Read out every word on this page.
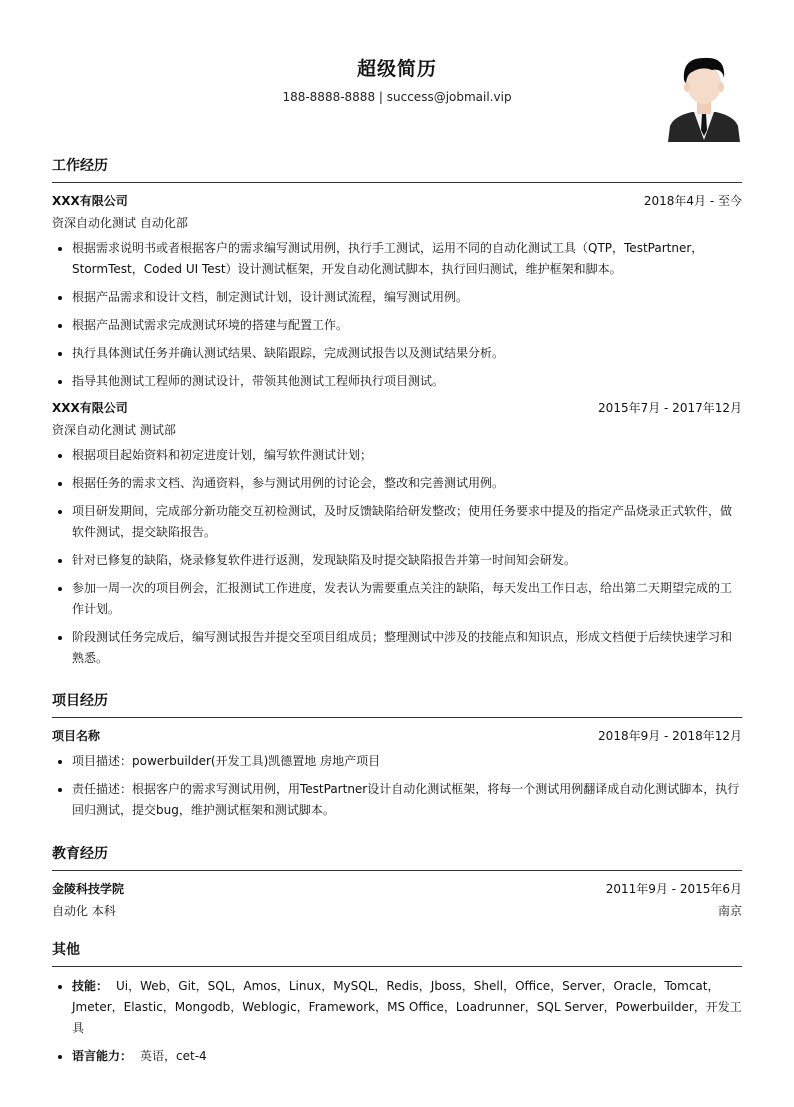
超级简历
188-8888-8888 | success@jobmail.vip
工作经历
XXX有限公司	2018年4月 - 至今
资深自动化测试 自动化部
• 根据需求说明书或者根据客户的需求编写测试用例，执行手工测试，运用不同的自动化测试工具（QTP，TestPartner，StormTest，Coded UI Test）设计测试框架，开发自动化测试脚本，执行回归测试，维护框架和脚本。
• 根据产品需求和设计文档，制定测试计划，设计测试流程，编写测试用例。
• 根据产品测试需求完成测试环境的搭建与配置工作。
• 执行具体测试任务并确认测试结果、缺陷跟踪，完成测试报告以及测试结果分析。
• 指导其他测试工程师的测试设计，带领其他测试工程师执行项目测试。
XXX有限公司	2015年7月 - 2017年12月
资深自动化测试 测试部
• 根据项目起始资料和初定进度计划，编写软件测试计划；
• 根据任务的需求文档、沟通资料，参与测试用例的讨论会，整改和完善测试用例。
• 项目研发期间，完成部分新功能交互初检测试，及时反馈缺陷给研发整改；使用任务要求中提及的指定产品烧录正式软件，做软件测试，提交缺陷报告。
• 针对已修复的缺陷，烧录修复软件进行返测，发现缺陷及时提交缺陷报告并第一时间知会研发。
• 参加一周一次的项目例会，汇报测试工作进度，发表认为需要重点关注的缺陷，每天发出工作日志，给出第二天期望完成的工作计划。
• 阶段测试任务完成后，编写测试报告并提交至项目组成员；整理测试中涉及的技能点和知识点，形成文档便于后续快速学习和熟悉。
项目经历
项目名称	2018年9月 - 2018年12月
• 项目描述：powerbuilder(开发工具)凯德置地 房地产项目
• 责任描述：根据客户的需求写测试用例，用TestPartner设计自动化测试框架，将每一个测试用例翻译成自动化测试脚本，执行回归测试，提交bug，维护测试框架和测试脚本。
教育经历
金陵科技学院	2011年9月 - 2015年6月
自动化 本科	南京
其他
• 技能： Ui，Web，Git，SQL，Amos，Linux，MySQL，Redis，Jboss，Shell，Office，Server，Oracle，Tomcat，Jmeter，Elastic，Mongodb，Weblogic，Framework，MS Office，Loadrunner，SQL Server，Powerbuilder，开发工具
• 语言能力： 英语，cet-4
